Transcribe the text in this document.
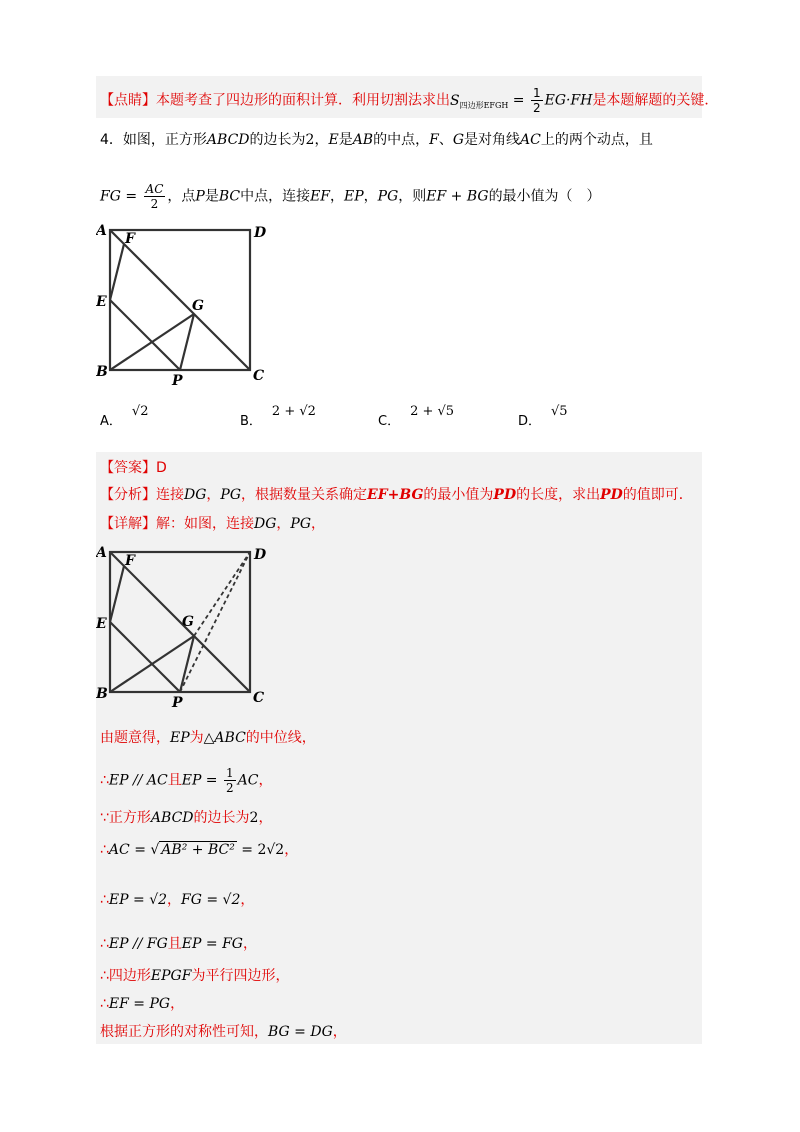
【点睛】本题考查了四边形的面积计算．利用切割法求出$S_{四边形EFGH} = \frac{1}{2} EG\cdot FH$是本题解题的关键．
4．如图，正方形ABCD的边长为2，E是AB的中点，F、G是对角线AC上的两个动点，且
FG = $\frac{AC}{2}$ ，点P是BC中点，连接EF，EP，PG，则EF + BG的最小值为（　）
A F	D
E	G
B
P	C
A．√2
B．2 + √2
C．2 + √5
D．√5
【答案】D
【分析】连接DG，PG，根据数量关系确定EF+BG的最小值为PD的长度，求出PD的值即可．
【详解】解：如图，连接DG，PG，
A F	D
E	G
B
P	C
由题意得，EP为△ABC的中位线，
∴EP // AC且EP = $\frac{1}{2}$ AC，
∵正方形ABCD的边长为2，
∴AC = √ AB² + BC² = 2√2，
∴EP = √2，FG = √2，
∴EP // FG且EP = FG，
∴四边形EPGF为平行四边形，
∴EF = PG，
根据正方形的对称性可知，BG = DG，
